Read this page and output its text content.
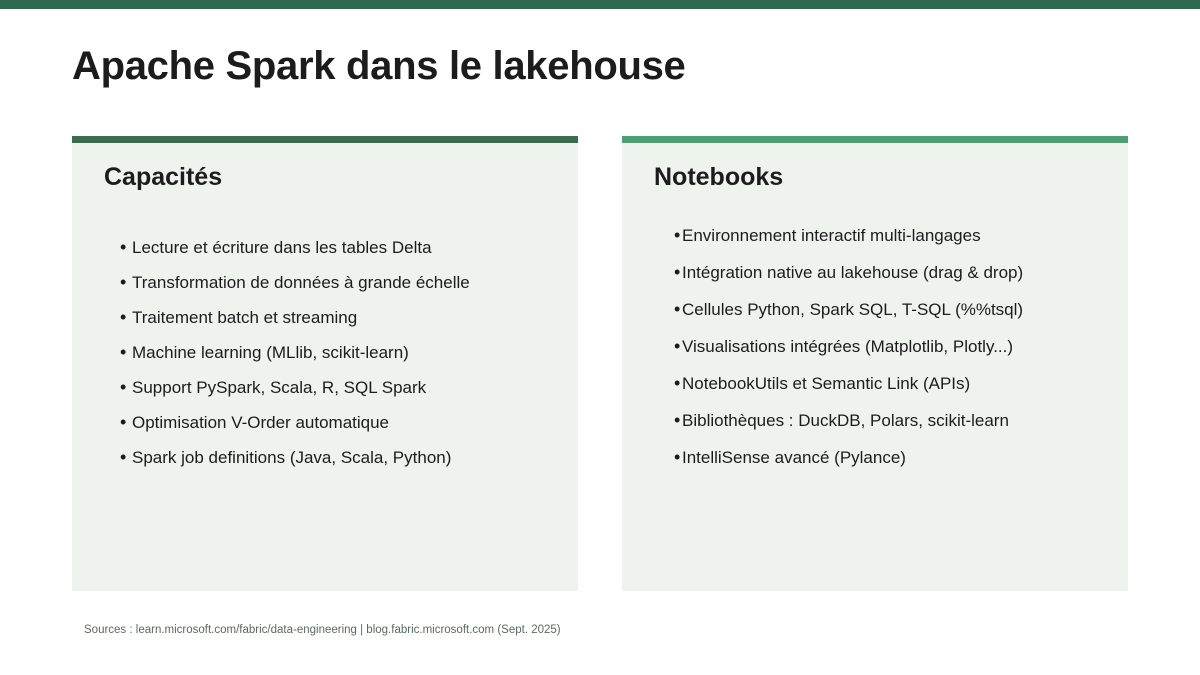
Apache Spark dans le lakehouse
Capacités
• Lecture et écriture dans les tables Delta
• Transformation de données à grande échelle
• Traitement batch et streaming
• Machine learning (MLlib, scikit-learn)
• Support PySpark, Scala, R, SQL Spark
• Optimisation V-Order automatique
• Spark job definitions (Java, Scala, Python)
Notebooks
• Environnement interactif multi-langages
• Intégration native au lakehouse (drag & drop)
• Cellules Python, Spark SQL, T-SQL (%%tsql)
• Visualisations intégrées (Matplotlib, Plotly...)
• NotebookUtils et Semantic Link (APIs)
• Bibliothèques : DuckDB, Polars, scikit-learn
• IntelliSense avancé (Pylance)
Sources : learn.microsoft.com/fabric/data-engineering | blog.fabric.microsoft.com (Sept. 2025)
